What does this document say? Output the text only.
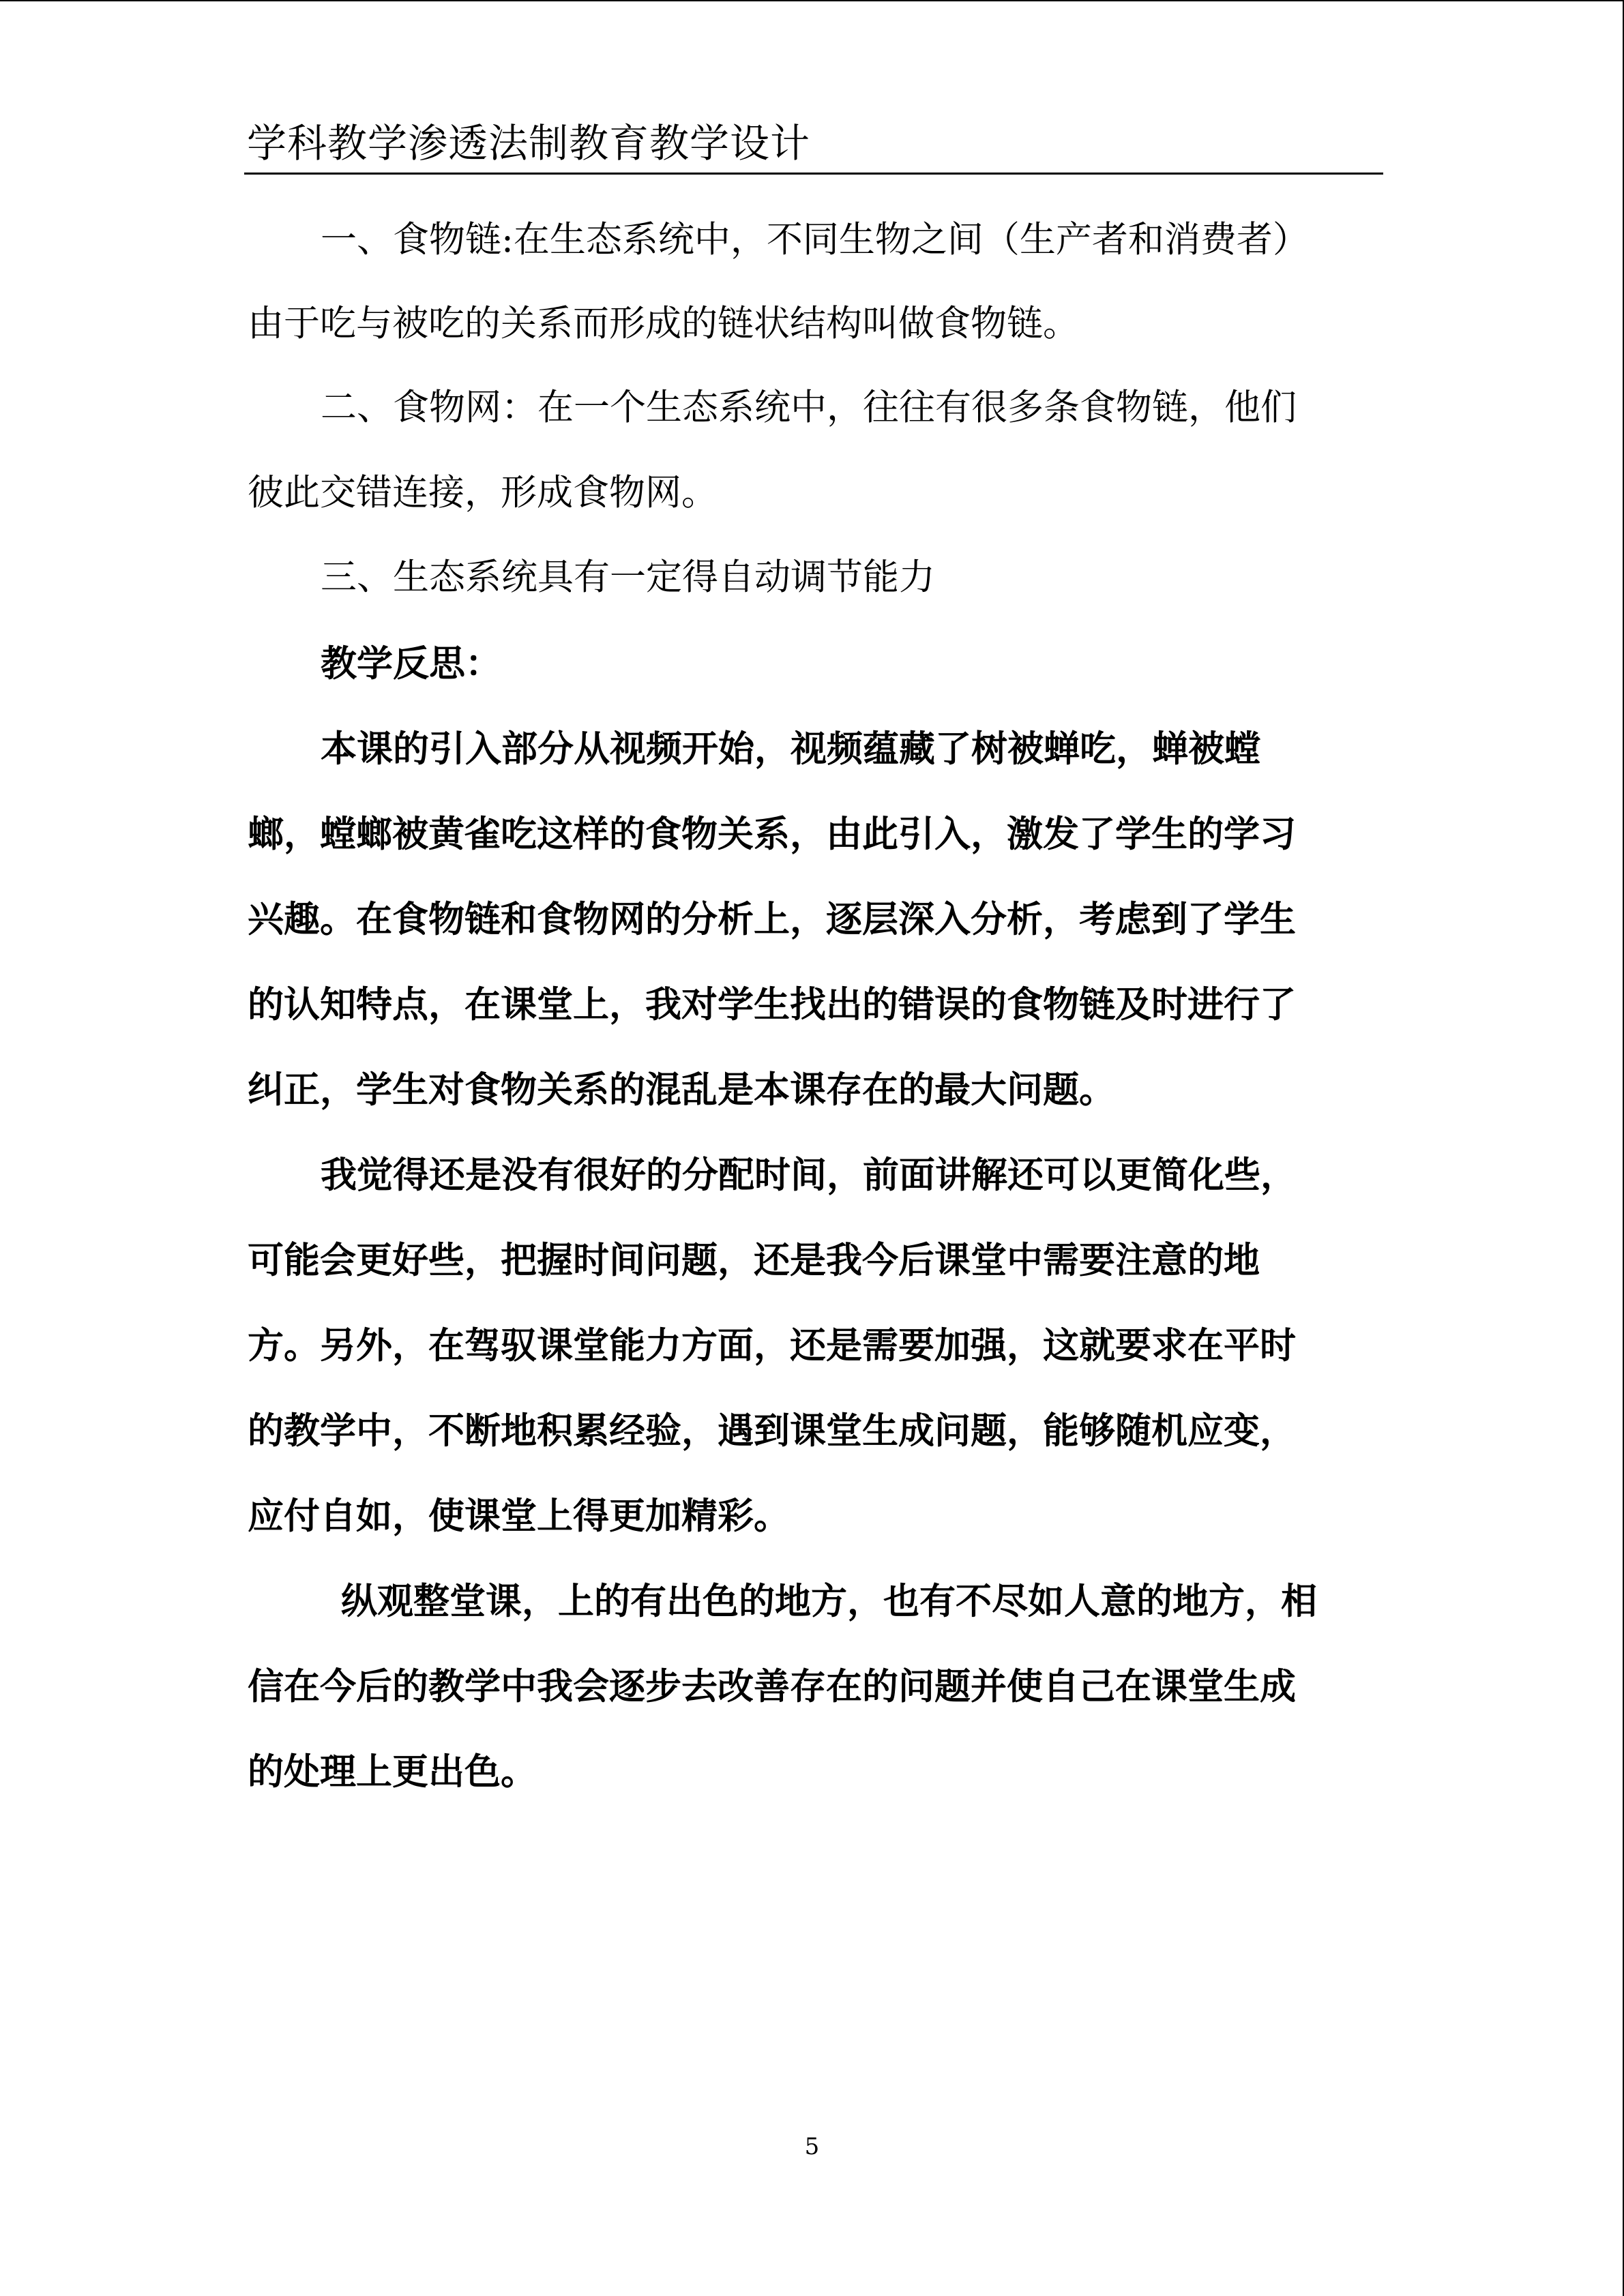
学科教学渗透法制教育教学设计
一、食物链:在生态系统中，不同生物之间（生产者和消费者）
由于吃与被吃的关系而形成的链状结构叫做食物链。
二、食物网：在一个生态系统中，往往有很多条食物链，他们
彼此交错连接，形成食物网。
三、生态系统具有一定得自动调节能力
教学反思：
本课的引入部分从视频开始，视频蕴藏了树被蝉吃，蝉被螳
螂，螳螂被黄雀吃这样的食物关系，由此引入，激发了学生的学习
兴趣。在食物链和食物网的分析上，逐层深入分析，考虑到了学生
的认知特点，在课堂上，我对学生找出的错误的食物链及时进行了
纠正，学生对食物关系的混乱是本课存在的最大问题。
我觉得还是没有很好的分配时间，前面讲解还可以更简化些，
可能会更好些，把握时间问题，还是我今后课堂中需要注意的地
方。另外，在驾驭课堂能力方面，还是需要加强，这就要求在平时
的教学中，不断地积累经验，遇到课堂生成问题，能够随机应变，
应付自如，使课堂上得更加精彩。
纵观整堂课，上的有出色的地方，也有不尽如人意的地方，相
信在今后的教学中我会逐步去改善存在的问题并使自己在课堂生成
的处理上更出色。
5
